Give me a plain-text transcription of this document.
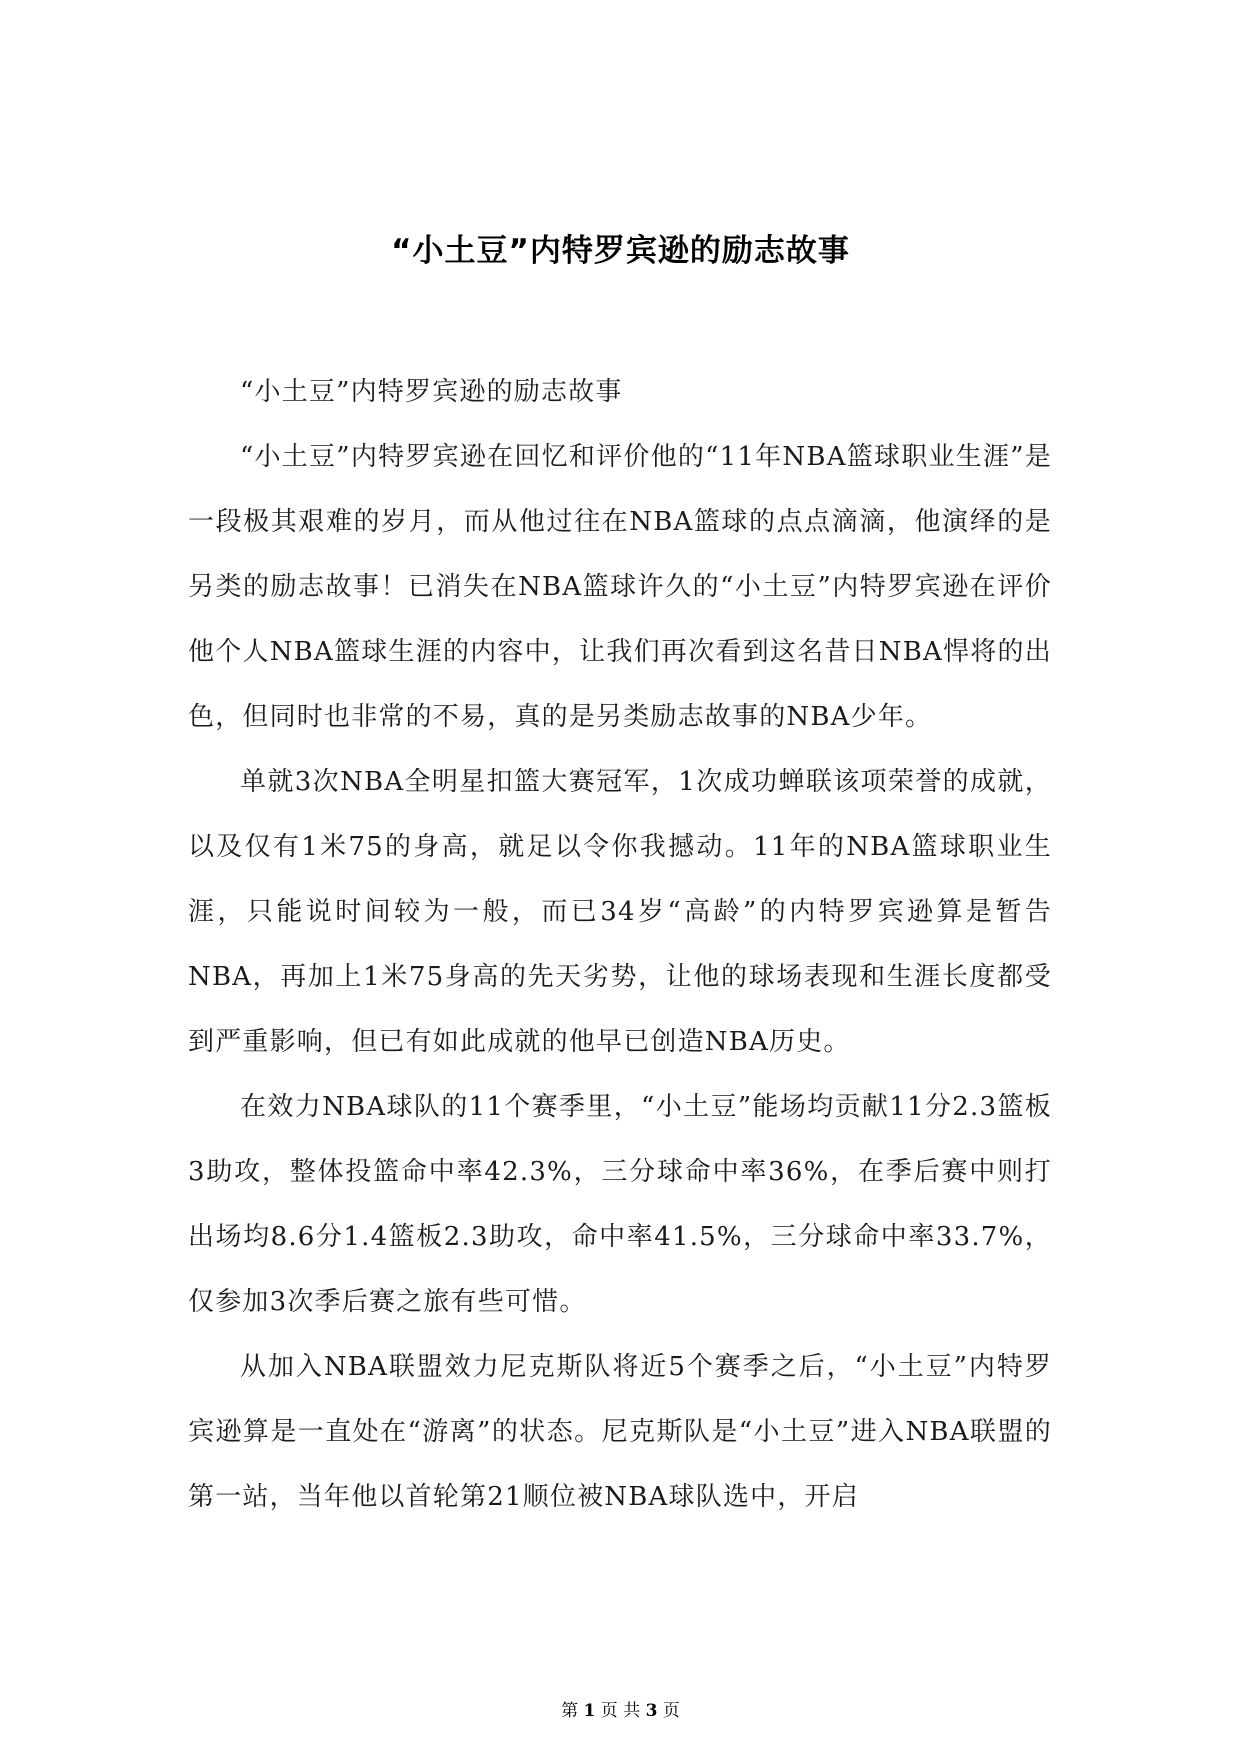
“小土豆”内特罗宾逊的励志故事

“小土豆”内特罗宾逊的励志故事

“小土豆”内特罗宾逊在回忆和评价他的“11年NBA篮球职业生涯”是一段极其艰难的岁月，而从他过往在NBA篮球的点点滴滴，他演绎的是另类的励志故事！已消失在NBA篮球许久的“小土豆”内特罗宾逊在评价他个人NBA篮球生涯的内容中，让我们再次看到这名昔日NBA悍将的出色，但同时也非常的不易，真的是另类励志故事的NBA少年。

单就3次NBA全明星扣篮大赛冠军，1次成功蝉联该项荣誉的成就，以及仅有1米75的身高，就足以令你我撼动。11年的NBA篮球职业生涯，只能说时间较为一般，而已34岁“高龄”的内特罗宾逊算是暂告NBA，再加上1米75身高的先天劣势，让他的球场表现和生涯长度都受到严重影响，但已有如此成就的他早已创造NBA历史。

在效力NBA球队的11个赛季里，“小土豆”能场均贡献11分2.3篮板3助攻，整体投篮命中率42.3%，三分球命中率36%，在季后赛中则打出场均8.6分1.4篮板2.3助攻，命中率41.5%，三分球命中率33.7%，仅参加3次季后赛之旅有些可惜。

从加入NBA联盟效力尼克斯队将近5个赛季之后，“小土豆”内特罗宾逊算是一直处在“游离”的状态。尼克斯队是“小土豆”进入NBA联盟的第一站，当年他以首轮第21顺位被NBA球队选中，开启

第 1 页 共 3 页
